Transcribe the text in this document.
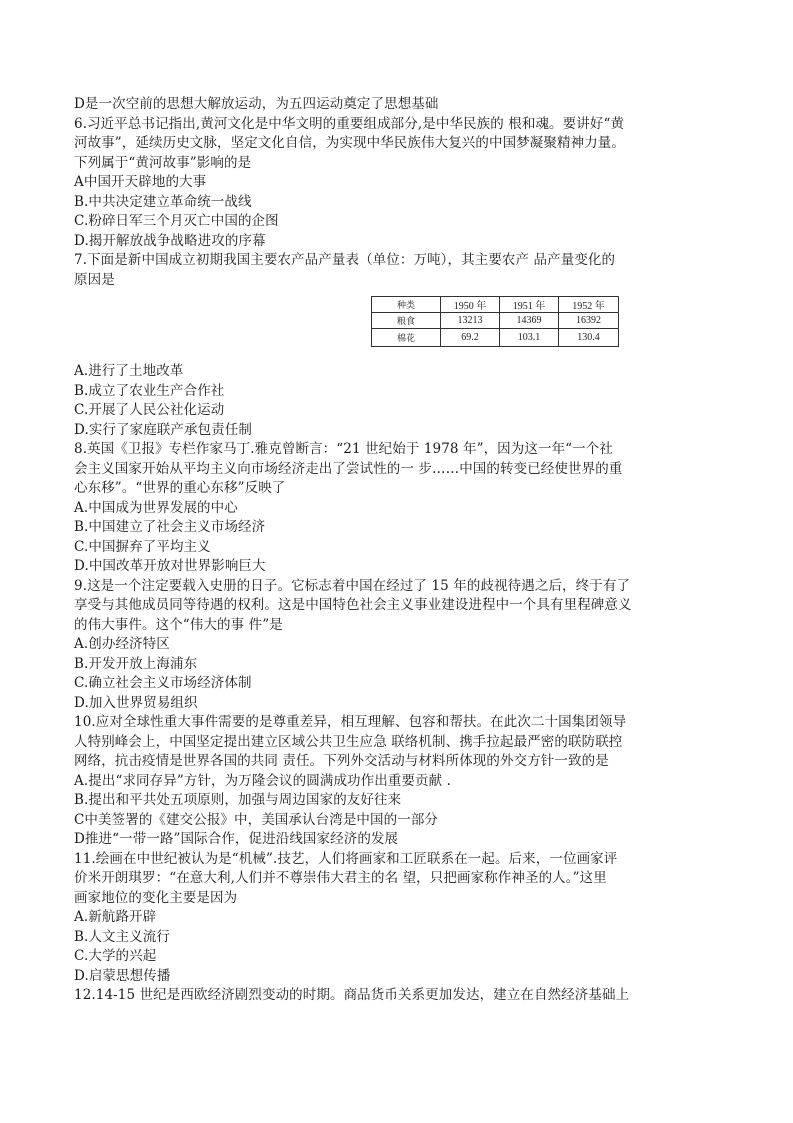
D是一次空前的思想大解放运动，为五四运动奠定了思想基础
6.习近平总书记指出,黄河文化是中华文明的重要组成部分,是中华民族的 根和魂。要讲好“黄
河故事”，延续历史文脉，坚定文化自信，为实现中华民族伟大复兴的中国梦凝聚精神力量。
下列属于“黄河故事”影响的是
A中国开天辟地的大事
B.中共决定建立革命统一战线
C.粉碎日军三个月灭亡中国的企图
D.揭开解放战争战略进攻的序幕
7.下面是新中国成立初期我国主要农产品产量表（单位：万吨），其主要农产 品产量变化的
原因是
种类	1950 年	1951 年	1952 年
粮食	13213	14369	16392
棉花	69.2	103.1	130.4
A.进行了土地改革
B.成立了农业生产合作社
C.开展了人民公社化运动
D.实行了家庭联产承包责任制
8.英国《卫报》专栏作家马丁.雅克曾断言：“21 世纪始于 1978 年”，因为这一年“一个社
会主义国家开始从平均主义向市场经济走出了尝试性的一 步……中国的转变已经使世界的重
心东移”。“世界的重心东移”反映了
A.中国成为世界发展的中心
B.中国建立了社会主义市场经济
C.中国摒弃了平均主义
D.中国改革开放对世界影响巨大
9.这是一个注定要载入史册的日子。它标志着中国在经过了 15 年的歧视待遇之后，终于有了
享受与其他成员同等待遇的权利。这是中国特色社会主义事业建设进程中一个具有里程碑意义
的伟大事件。这个“伟大的事 件”是
A.创办经济特区
B.开发开放上海浦东
C.确立社会主义市场经济体制
D.加入世界贸易组织
10.应对全球性重大事件需要的是尊重差异，相互理解、包容和帮扶。在此次二十国集团领导
人特别峰会上，中国坚定提出建立区域公共卫生应急 联络机制、携手拉起最严密的联防联控
网络，抗击疫情是世界各国的共同 责任。下列外交活动与材料所体现的外交方针一致的是
A.提出“求同存异”方针，为万隆会议的圆满成功作出重要贡献 .
B.提出和平共处五项原则，加强与周边国家的友好往来
C中美签署的《建交公报》中，美国承认台湾是中国的一部分
D推进“一带一路”国际合作，促进沿线国家经济的发展
11.绘画在中世纪被认为是“机械”.技艺，人们将画家和工匠联系在一起。后来，一位画家评
价米开朗琪罗：“在意大利,人们并不尊崇伟大君主的名 望，只把画家称作神圣的人。”这里
画家地位的变化主要是因为
A.新航路开辟
B.人文主义流行
C.大学的兴起
D.启蒙思想传播
12.14-15 世纪是西欧经济剧烈变动的时期。商品货币关系更加发达，建立在自然经济基础上
